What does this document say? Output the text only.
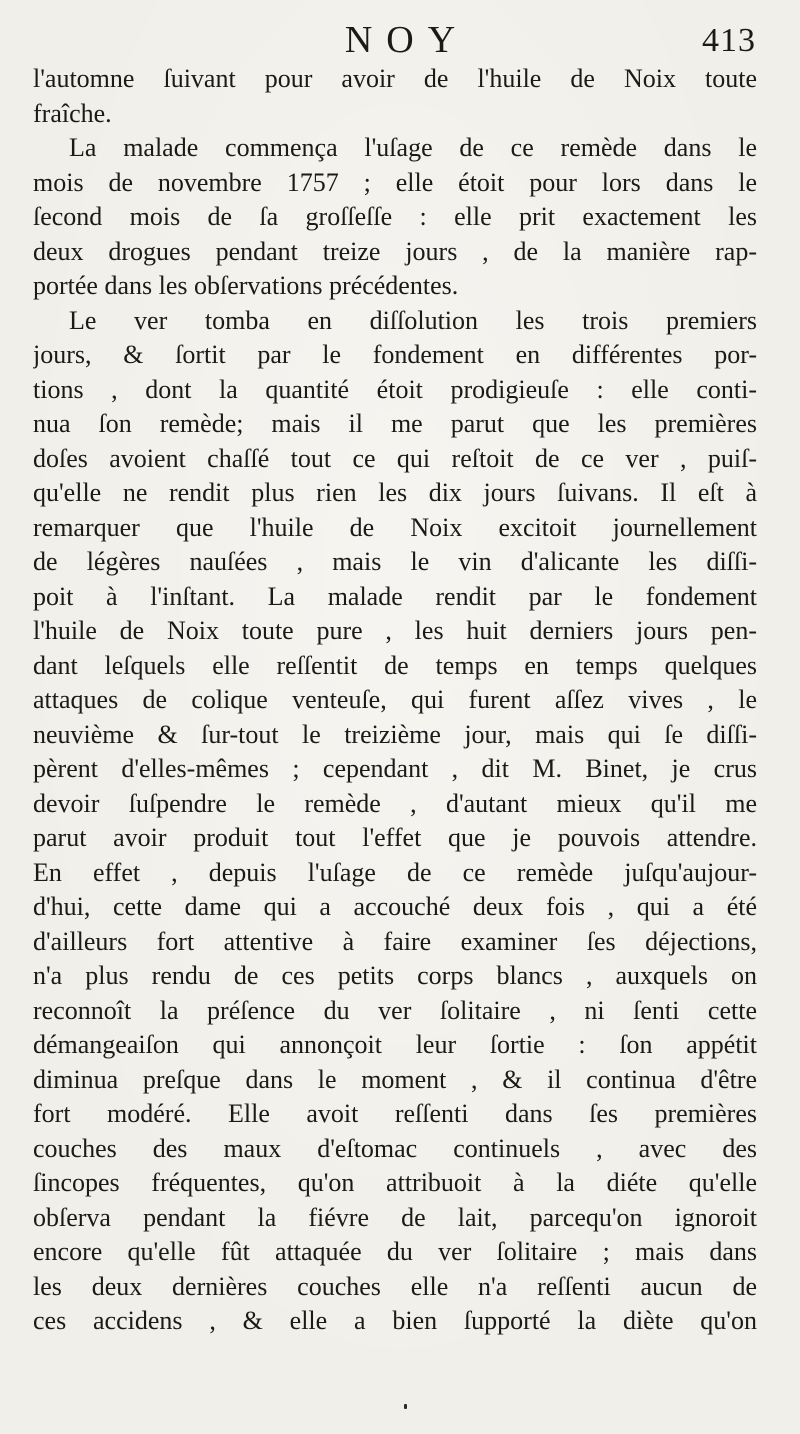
NOY	413
l'automne ſuivant pour avoir de l'huile de Noix toute
fraîche.
La malade commença l'uſage de ce remède dans le
mois de novembre 1757 ; elle étoit pour lors dans le
ſecond mois de ſa groſſeſſe : elle prit exactement les
deux drogues pendant treize jours , de la manière rap-
portée dans les obſervations précédentes.
Le ver tomba en diſſolution les trois premiers
jours, & ſortit par le fondement en différentes por-
tions , dont la quantité étoit prodigieuſe : elle conti-
nua ſon remède; mais il me parut que les premières
doſes avoient chaſſé tout ce qui reſtoit de ce ver , puiſ-
qu'elle ne rendit plus rien les dix jours ſuivans. Il eſt à
remarquer que l'huile de Noix excitoit journellement
de légères nauſées , mais le vin d'alicante les diſſi-
poit à l'inſtant. La malade rendit par le fondement
l'huile de Noix toute pure , les huit derniers jours pen-
dant leſquels elle reſſentit de temps en temps quelques
attaques de colique venteuſe, qui furent aſſez vives , le
neuvième & ſur-tout le treizième jour, mais qui ſe diſſi-
pèrent d'elles-mêmes ; cependant , dit M. Binet, je crus
devoir ſuſpendre le remède , d'autant mieux qu'il me
parut avoir produit tout l'effet que je pouvois attendre.
En effet , depuis l'uſage de ce remède juſqu'aujour-
d'hui, cette dame qui a accouché deux fois , qui a été
d'ailleurs fort attentive à faire examiner ſes déjections,
n'a plus rendu de ces petits corps blancs , auxquels on
reconnoît la préſence du ver ſolitaire , ni ſenti cette
démangeaiſon qui annonçoit leur ſortie : ſon appétit
diminua preſque dans le moment , & il continua d'être
fort modéré. Elle avoit reſſenti dans ſes premières
couches des maux d'eſtomac continuels , avec des
ſincopes fréquentes, qu'on attribuoit à la diéte qu'elle
obſerva pendant la fiévre de lait, parcequ'on ignoroit
encore qu'elle fût attaquée du ver ſolitaire ; mais dans
les deux dernières couches elle n'a reſſenti aucun de
ces accidens , & elle a bien ſupporté la diète qu'on
